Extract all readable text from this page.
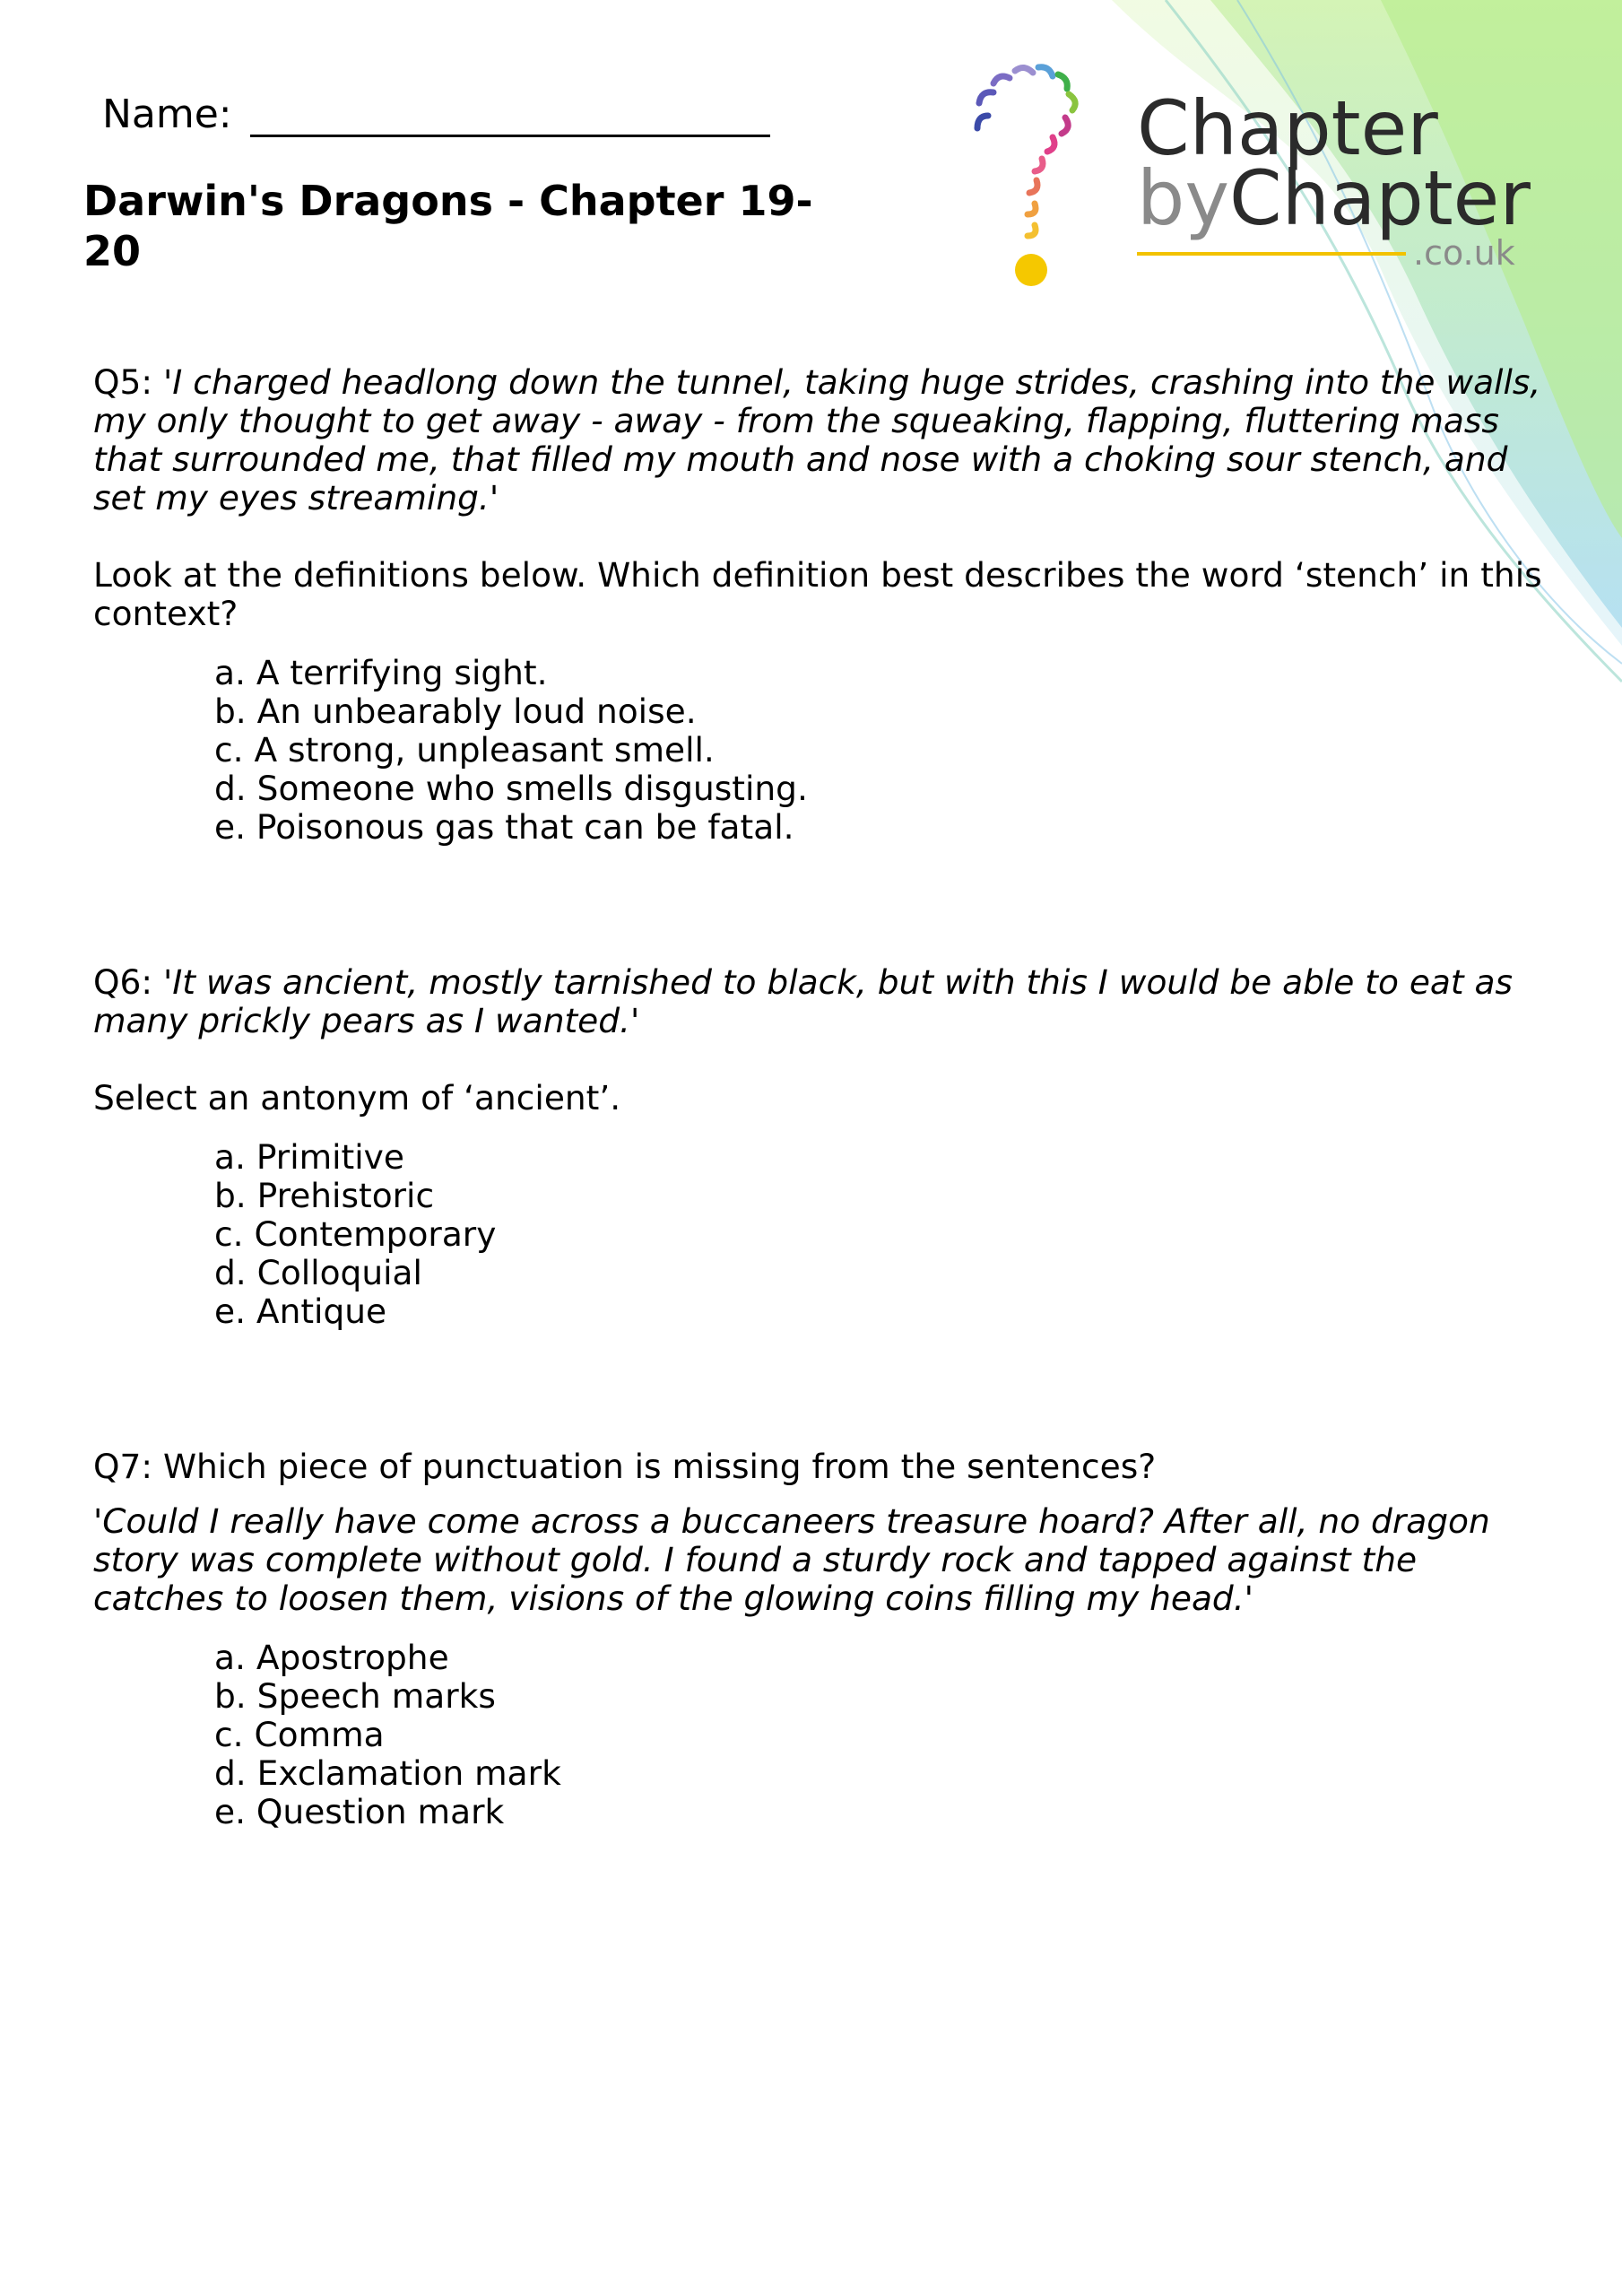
Name:
Darwin's Dragons - Chapter 19-20
Chapter
byChapter
.co.uk

Q5: 'I charged headlong down the tunnel, taking huge strides, crashing into the walls, my only thought to get away - away - from the squeaking, flapping, fluttering mass that surrounded me, that filled my mouth and nose with a choking sour stench, and set my eyes streaming.'

Look at the definitions below. Which definition best describes the word ‘stench’ in this context?

a. A terrifying sight.
b. An unbearably loud noise.
c. A strong, unpleasant smell.
d. Someone who smells disgusting.
e. Poisonous gas that can be fatal.

Q6: 'It was ancient, mostly tarnished to black, but with this I would be able to eat as many prickly pears as I wanted.'

Select an antonym of ‘ancient’.

a. Primitive
b. Prehistoric
c. Contemporary
d. Colloquial
e. Antique

Q7: Which piece of punctuation is missing from the sentences?

'Could I really have come across a buccaneers treasure hoard? After all, no dragon story was complete without gold. I found a sturdy rock and tapped against the catches to loosen them, visions of the glowing coins filling my head.'

a. Apostrophe
b. Speech marks
c. Comma
d. Exclamation mark
e. Question mark
